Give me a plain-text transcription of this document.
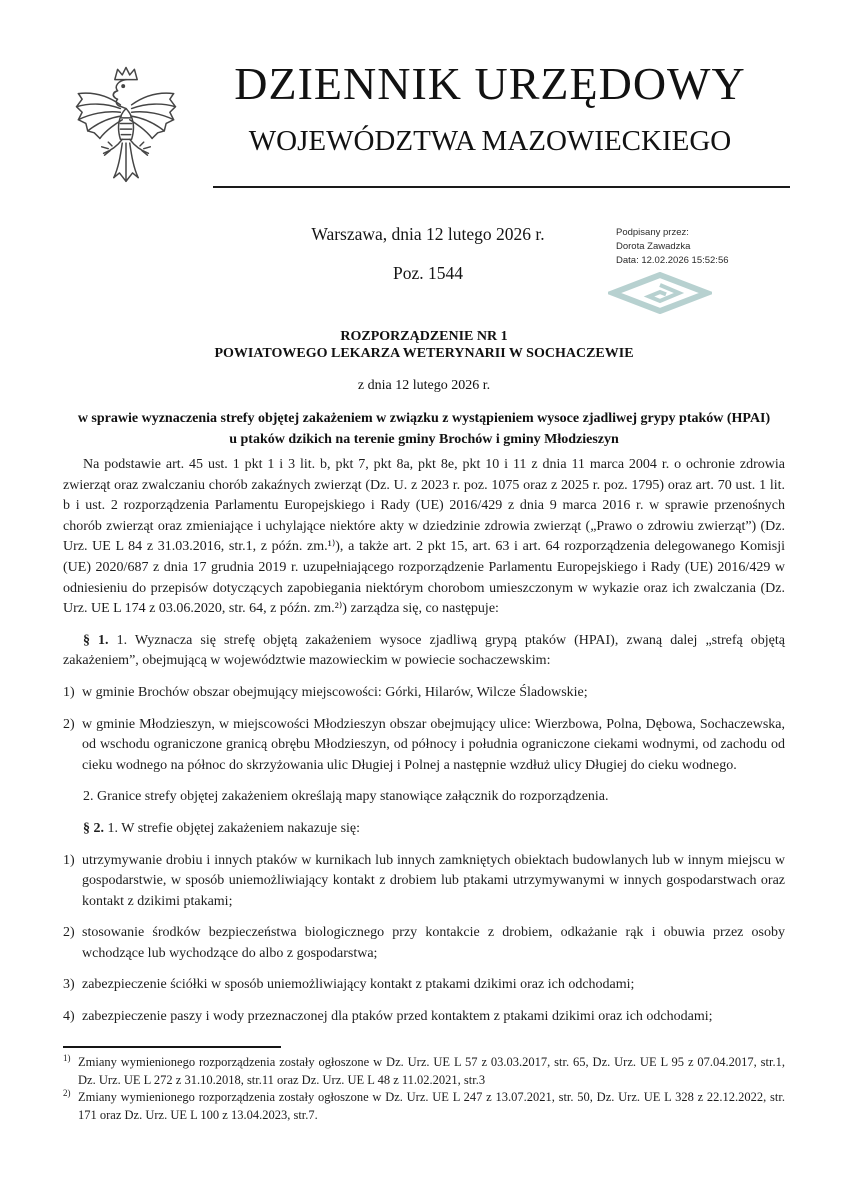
DZIENNIK URZĘDOWY
WOJEWÓDZTWA MAZOWIECKIEGO
Warszawa, dnia 12 lutego 2026 r.
Poz. 1544
Podpisany przez:
Dorota Zawadzka
Data: 12.02.2026 15:52:56
ROZPORZĄDZENIE NR 1
POWIATOWEGO LEKARZA WETERYNARII W SOCHACZEWIE
z dnia 12 lutego 2026 r.
w sprawie wyznaczenia strefy objętej zakażeniem w związku z wystąpieniem wysoce zjadliwej grypy ptaków (HPAI) u ptaków dzikich na terenie gminy Brochów i gminy Młodzieszyn

Na podstawie art. 45 ust. 1 pkt 1 i 3 lit. b, pkt 7, pkt 8a, pkt 8e, pkt 10 i 11 z dnia 11 marca 2004 r. o ochronie zdrowia zwierząt oraz zwalczaniu chorób zakaźnych zwierząt (Dz. U. z 2023 r. poz. 1075 oraz z 2025 r. poz. 1795) oraz art. 70 ust. 1 lit. b i ust. 2 rozporządzenia Parlamentu Europejskiego i Rady (UE) 2016/429 z dnia 9 marca 2016 r. w sprawie przenośnych chorób zwierząt oraz zmieniające i uchylające niektóre akty w dziedzinie zdrowia zwierząt („Prawo o zdrowiu zwierząt”) (Dz. Urz. UE L 84 z 31.03.2016, str.1, z późn. zm.¹⁾), a także art. 2 pkt 15, art. 63 i art. 64 rozporządzenia delegowanego Komisji (UE) 2020/687 z dnia 17 grudnia 2019 r. uzupełniającego rozporządzenie Parlamentu Europejskiego i Rady (UE) 2016/429 w odniesieniu do przepisów dotyczących zapobiegania niektórym chorobom umieszczonym w wykazie oraz ich zwalczania (Dz. Urz. UE L 174 z 03.06.2020, str. 64, z późn. zm.²⁾) zarządza się, co następuje:

§ 1. 1. Wyznacza się strefę objętą zakażeniem wysoce zjadliwą grypą ptaków (HPAI), zwaną dalej „strefą objętą zakażeniem”, obejmującą w województwie mazowieckim w powiecie sochaczewskim:

1) w gminie Brochów obszar obejmujący miejscowości: Górki, Hilarów, Wilcze Śladowskie;
2) w gminie Młodzieszyn, w miejscowości Młodzieszyn obszar obejmujący ulice: Wierzbowa, Polna, Dębowa, Sochaczewska, od wschodu ograniczone granicą obrębu Młodzieszyn, od północy i południa ograniczone ciekami wodnymi, od zachodu od cieku wodnego na północ do skrzyżowania ulic Długiej i Polnej a następnie wzdłuż ulicy Długiej do cieku wodnego.

2. Granice strefy objętej zakażeniem określają mapy stanowiące załącznik do rozporządzenia.

§ 2. 1. W strefie objętej zakażeniem nakazuje się:

1) utrzymywanie drobiu i innych ptaków w kurnikach lub innych zamkniętych obiektach budowlanych lub w innym miejscu w gospodarstwie, w sposób uniemożliwiający kontakt z drobiem lub ptakami utrzymywanymi w innych gospodarstwach oraz kontakt z dzikimi ptakami;
2) stosowanie środków bezpieczeństwa biologicznego przy kontakcie z drobiem, odkażanie rąk i obuwia przez osoby wchodzące lub wychodzące do albo z gospodarstwa;
3) zabezpieczenie ściółki w sposób uniemożliwiający kontakt z ptakami dzikimi oraz ich odchodami;
4) zabezpieczenie paszy i wody przeznaczonej dla ptaków przed kontaktem z ptakami dzikimi oraz ich odchodami;
$^{1)}$ Zmiany wymienionego rozporządzenia zostały ogłoszone w Dz. Urz. UE L 57 z 03.03.2017, str. 65, Dz. Urz. UE L 95 z 07.04.2017, str.1, Dz. Urz. UE L 272 z 31.10.2018, str.11 oraz Dz. Urz. UE L 48 z 11.02.2021, str.3
$^{2)}$ Zmiany wymienionego rozporządzenia zostały ogłoszone w Dz. Urz. UE L 247 z 13.07.2021, str. 50, Dz. Urz. UE L 328 z 22.12.2022, str. 171 oraz Dz. Urz. UE L 100 z 13.04.2023, str.7.
